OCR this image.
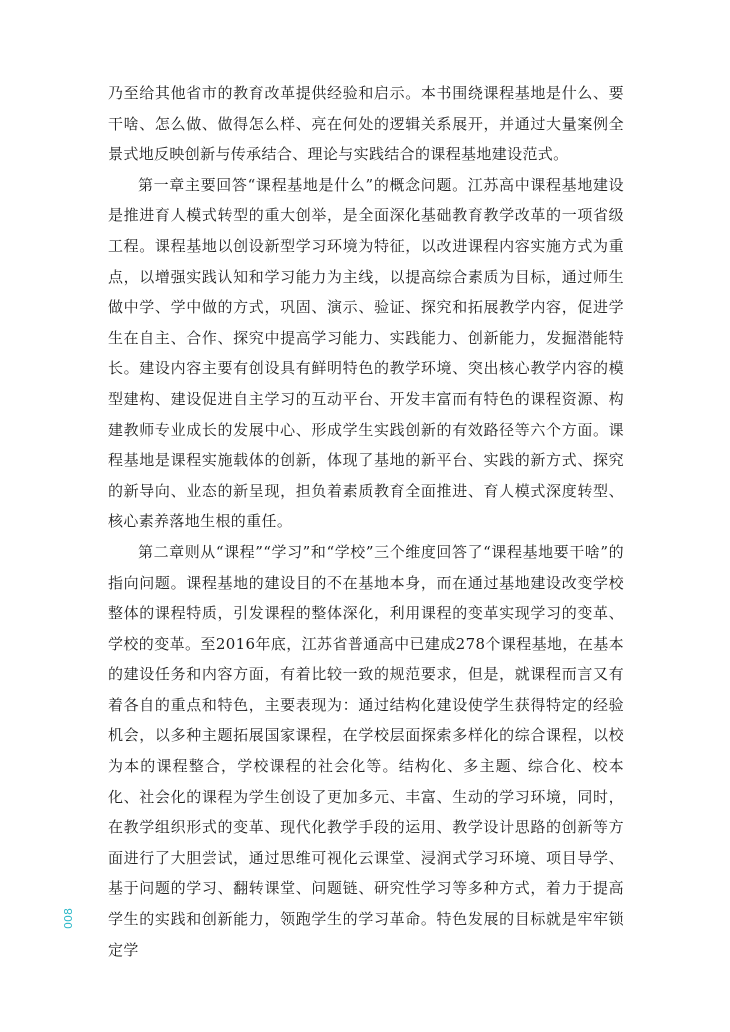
乃至给其他省市的教育改革提供经验和启示。本书围绕课程基地是什么、要干啥、怎么做、做得怎么样、亮在何处的逻辑关系展开，并通过大量案例全景式地反映创新与传承结合、理论与实践结合的课程基地建设范式。

第一章主要回答“课程基地是什么”的概念问题。江苏高中课程基地建设是推进育人模式转型的重大创举，是全面深化基础教育教学改革的一项省级工程。课程基地以创设新型学习环境为特征，以改进课程内容实施方式为重点，以增强实践认知和学习能力为主线，以提高综合素质为目标，通过师生做中学、学中做的方式，巩固、演示、验证、探究和拓展教学内容，促进学生在自主、合作、探究中提高学习能力、实践能力、创新能力，发掘潜能特长。建设内容主要有创设具有鲜明特色的教学环境、突出核心教学内容的模型建构、建设促进自主学习的互动平台、开发丰富而有特色的课程资源、构建教师专业成长的发展中心、形成学生实践创新的有效路径等六个方面。课程基地是课程实施载体的创新，体现了基地的新平台、实践的新方式、探究的新导向、业态的新呈现，担负着素质教育全面推进、育人模式深度转型、核心素养落地生根的重任。

第二章则从“课程”“学习”和“学校”三个维度回答了“课程基地要干啥”的指向问题。课程基地的建设目的不在基地本身，而在通过基地建设改变学校整体的课程特质，引发课程的整体深化，利用课程的变革实现学习的变革、学校的变革。至2016年底，江苏省普通高中已建成278个课程基地，在基本的建设任务和内容方面，有着比较一致的规范要求，但是，就课程而言又有着各自的重点和特色，主要表现为：通过结构化建设使学生获得特定的经验机会，以多种主题拓展国家课程，在学校层面探索多样化的综合课程，以校为本的课程整合，学校课程的社会化等。结构化、多主题、综合化、校本化、社会化的课程为学生创设了更加多元、丰富、生动的学习环境，同时，在教学组织形式的变革、现代化教学手段的运用、教学设计思路的创新等方面进行了大胆尝试，通过思维可视化云课堂、浸润式学习环境、项目导学、基于问题的学习、翻转课堂、问题链、研究性学习等多种方式，着力于提高学生的实践和创新能力，领跑学生的学习革命。特色发展的目标就是牢牢锁定学

008
